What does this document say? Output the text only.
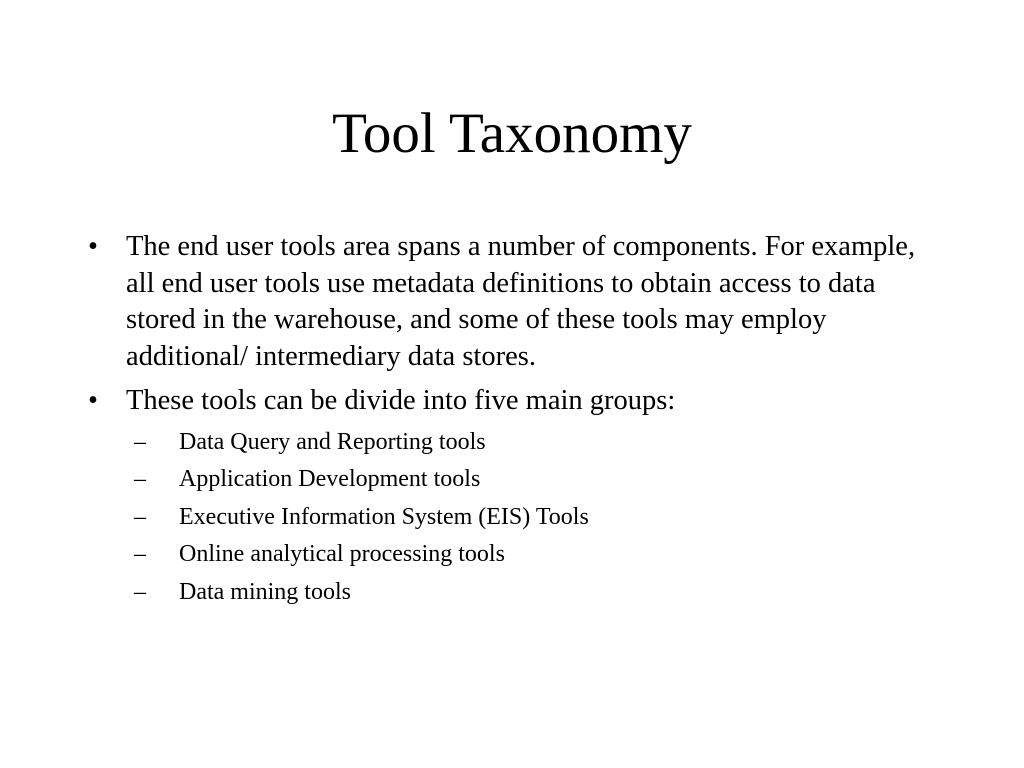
Tool Taxonomy
• The end user tools area spans a number of components. For example, all end user tools use metadata definitions to obtain access to data stored in the warehouse, and some of these tools may employ additional/ intermediary data stores.
• These tools can be divide into five main groups:
– Data Query and Reporting tools
– Application Development tools
– Executive Information System (EIS) Tools
– Online analytical processing tools
– Data mining tools
